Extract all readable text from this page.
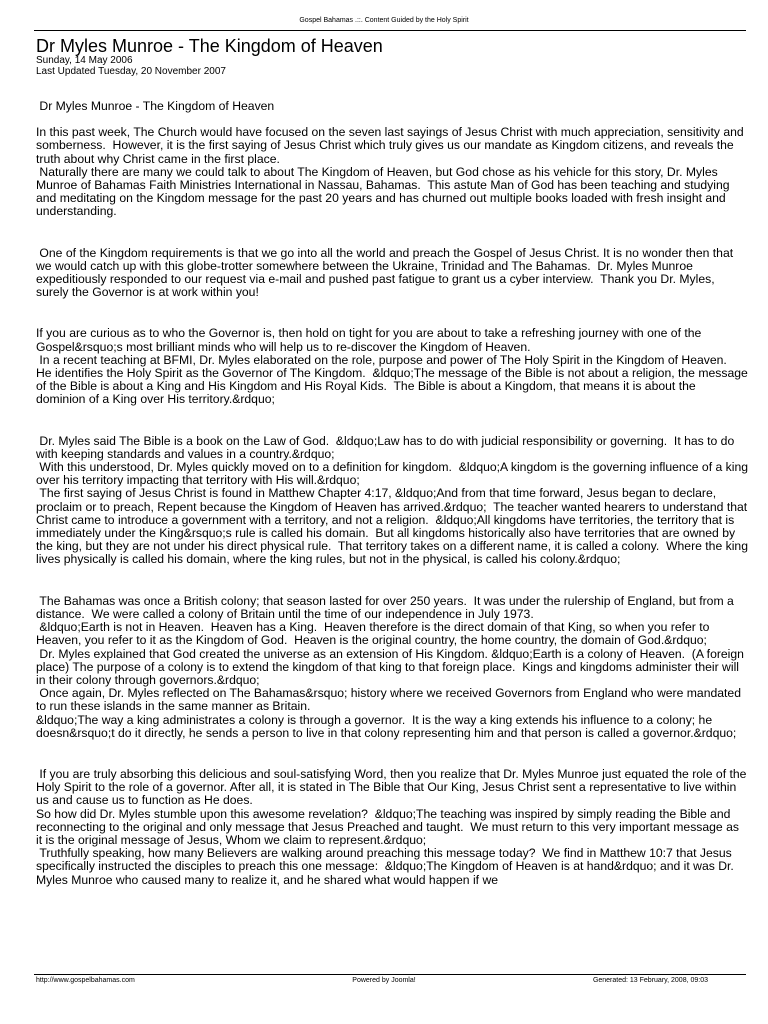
Gospel Bahamas .::. Content Guided by the Holy Spirit
Dr Myles Munroe - The Kingdom of Heaven
Sunday, 14 May 2006
Last Updated Tuesday, 20 November 2007

Dr Myles Munroe - The Kingdom of Heaven

In this past week, The Church would have focused on the seven last sayings of Jesus Christ with much appreciation, sensitivity and somberness.  However, it is the first saying of Jesus Christ which truly gives us our mandate as Kingdom citizens, and reveals the truth about why Christ came in the first place.
Naturally there are many we could talk to about The Kingdom of Heaven, but God chose as his vehicle for this story, Dr. Myles Munroe of Bahamas Faith Ministries International in Nassau, Bahamas.  This astute Man of God has been teaching and studying and meditating on the Kingdom message for the past 20 years and has churned out multiple books loaded with fresh insight and understanding.

One of the Kingdom requirements is that we go into all the world and preach the Gospel of Jesus Christ. It is no wonder then that we would catch up with this globe-trotter somewhere between the Ukraine, Trinidad and The Bahamas.  Dr. Myles Munroe expeditiously responded to our request via e-mail and pushed past fatigue to grant us a cyber interview.  Thank you Dr. Myles, surely the Governor is at work within you!

If you are curious as to who the Governor is, then hold on tight for you are about to take a refreshing journey with one of the Gospel&rsquo;s most brilliant minds who will help us to re-discover the Kingdom of Heaven.
In a recent teaching at BFMI, Dr. Myles elaborated on the role, purpose and power of The Holy Spirit in the Kingdom of Heaven.  He identifies the Holy Spirit as the Governor of The Kingdom.  &ldquo;The message of the Bible is not about a religion, the message of the Bible is about a King and His Kingdom and His Royal Kids.  The Bible is about a Kingdom, that means it is about the dominion of a King over His territory.&rdquo;

Dr. Myles said The Bible is a book on the Law of God.  &ldquo;Law has to do with judicial responsibility or governing.  It has to do with keeping standards and values in a country.&rdquo;
With this understood, Dr. Myles quickly moved on to a definition for kingdom.  &ldquo;A kingdom is the governing influence of a king over his territory impacting that territory with His will.&rdquo;
The first saying of Jesus Christ is found in Matthew Chapter 4:17, &ldquo;And from that time forward, Jesus began to declare, proclaim or to preach, Repent because the Kingdom of Heaven has arrived.&rdquo;  The teacher wanted hearers to understand that Christ came to introduce a government with a territory, and not a religion.  &ldquo;All kingdoms have territories, the territory that is immediately under the King&rsquo;s rule is called his domain.  But all kingdoms historically also have territories that are owned by the king, but they are not under his direct physical rule.  That territory takes on a different name, it is called a colony.  Where the king lives physically is called his domain, where the king rules, but not in the physical, is called his colony.&rdquo;

The Bahamas was once a British colony; that season lasted for over 250 years.  It was under the rulership of England, but from a distance.  We were called a colony of Britain until the time of our independence in July 1973.
&ldquo;Earth is not in Heaven.  Heaven has a King.  Heaven therefore is the direct domain of that King, so when you refer to Heaven, you refer to it as the Kingdom of God.  Heaven is the original country, the home country, the domain of God.&rdquo;
Dr. Myles explained that God created the universe as an extension of His Kingdom. &ldquo;Earth is a colony of Heaven.  (A foreign place) The purpose of a colony is to extend the kingdom of that king to that foreign place.  Kings and kingdoms administer their will in their colony through governors.&rdquo;
Once again, Dr. Myles reflected on The Bahamas&rsquo; history where we received Governors from England who were mandated to run these islands in the same manner as Britain.
&ldquo;The way a king administrates a colony is through a governor.  It is the way a king extends his influence to a colony; he doesn&rsquo;t do it directly, he sends a person to live in that colony representing him and that person is called a governor.&rdquo;

If you are truly absorbing this delicious and soul-satisfying Word, then you realize that Dr. Myles Munroe just equated the role of the Holy Spirit to the role of a governor. After all, it is stated in The Bible that Our King, Jesus Christ sent a representative to live within us and cause us to function as He does.
So how did Dr. Myles stumble upon this awesome revelation?  &ldquo;The teaching was inspired by simply reading the Bible and reconnecting to the original and only message that Jesus Preached and taught.  We must return to this very important message as it is the original message of Jesus, Whom we claim to represent.&rdquo;
Truthfully speaking, how many Believers are walking around preaching this message today?  We find in Matthew 10:7 that Jesus specifically instructed the disciples to preach this one message:  &ldquo;The Kingdom of Heaven is at hand&rdquo; and it was Dr. Myles Munroe who caused many to realize it, and he shared what would happen if we

http://www.gospelbahamas.com	Powered by Joomla!	Generated: 13 February, 2008, 09:03
